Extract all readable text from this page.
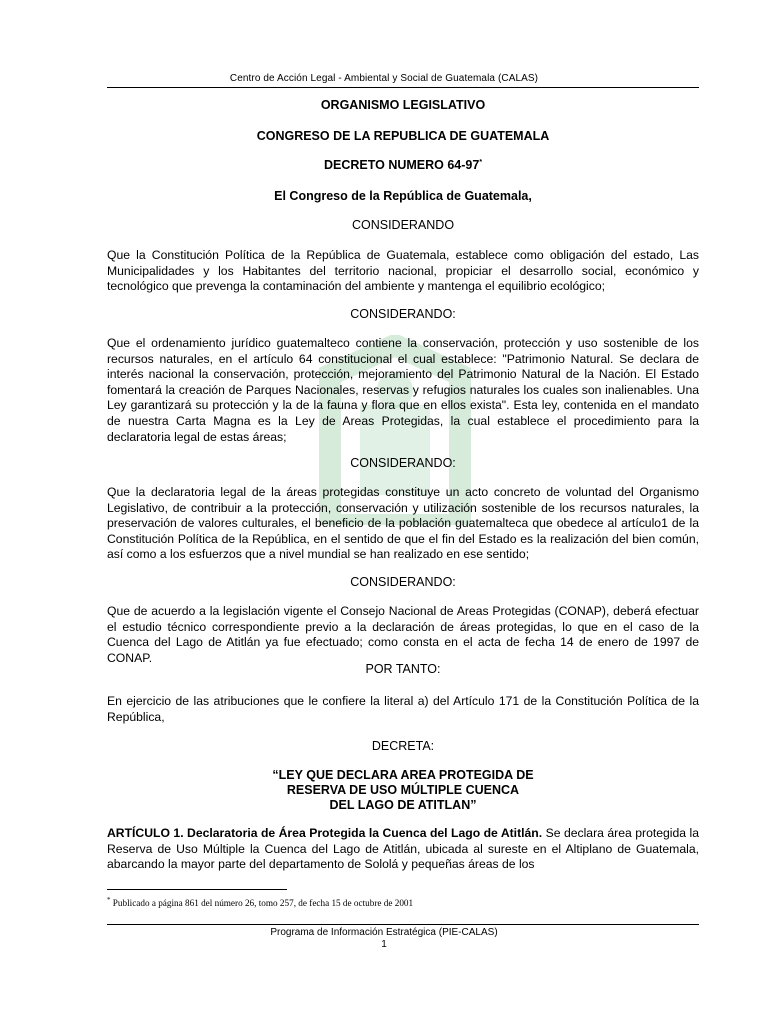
Centro de Acción Legal - Ambiental y Social de Guatemala (CALAS)
ORGANISMO LEGISLATIVO
CONGRESO DE LA REPUBLICA DE GUATEMALA
DECRETO NUMERO 64-97*
El Congreso de la República de Guatemala,
CONSIDERANDO
Que la Constitución Política de la República de Guatemala, establece como obligación del estado, Las Municipalidades y los Habitantes del territorio nacional, propiciar el desarrollo social, económico y tecnológico que prevenga la contaminación del ambiente y mantenga el equilibrio ecológico;
CONSIDERANDO:
Que el ordenamiento jurídico guatemalteco contiene la conservación, protección y uso sostenible de los recursos naturales, en el artículo 64 constitucional el cual establece: "Patrimonio Natural. Se declara de interés nacional la conservación, protección, mejoramiento del Patrimonio Natural de la Nación. El Estado fomentará la creación de Parques Nacionales, reservas y refugios naturales los cuales son inalienables. Una Ley garantizará su protección y la de la fauna y flora que en ellos exista". Esta ley, contenida en el mandato de nuestra Carta Magna es la Ley de Areas Protegidas, la cual establece el procedimiento para la declaratoria legal de estas áreas;
CONSIDERANDO:
Que la declaratoria legal de la áreas protegidas constituye un acto concreto de voluntad del Organismo Legislativo, de contribuir a la protección, conservación y utilización sostenible de los recursos naturales, la preservación de valores culturales, el beneficio de la población guatemalteca que obedece al artículo1 de la Constitución Política de la República, en el sentido de que el fin del Estado es la realización del bien común, así como a los esfuerzos que a nivel mundial se han realizado en ese sentido;
CONSIDERANDO:
Que de acuerdo a la legislación vigente el Consejo Nacional de Areas Protegidas (CONAP), deberá efectuar el estudio técnico correspondiente previo a la declaración de áreas protegidas, lo que en el caso de la Cuenca del Lago de Atitlán ya fue efectuado; como consta en el acta de fecha 14 de enero de 1997 de CONAP.
POR TANTO:
En ejercicio de las atribuciones que le confiere la literal a) del Artículo 171 de la Constitución Política de la República,
DECRETA:
“LEY QUE DECLARA AREA PROTEGIDA DE
RESERVA DE USO MÚLTIPLE CUENCA
DEL LAGO DE ATITLAN”
ARTÍCULO 1. Declaratoria de Área Protegida la Cuenca del Lago de Atitlán. Se declara área protegida la Reserva de Uso Múltiple la Cuenca del Lago de Atitlán, ubicada al sureste en el Altiplano de Guatemala, abarcando la mayor parte del departamento de Sololá y pequeñas áreas de los
* Publicado a página 861 del número 26, tomo 257, de fecha 15 de octubre de 2001
Programa de Información Estratégica (PIE-CALAS)
1
